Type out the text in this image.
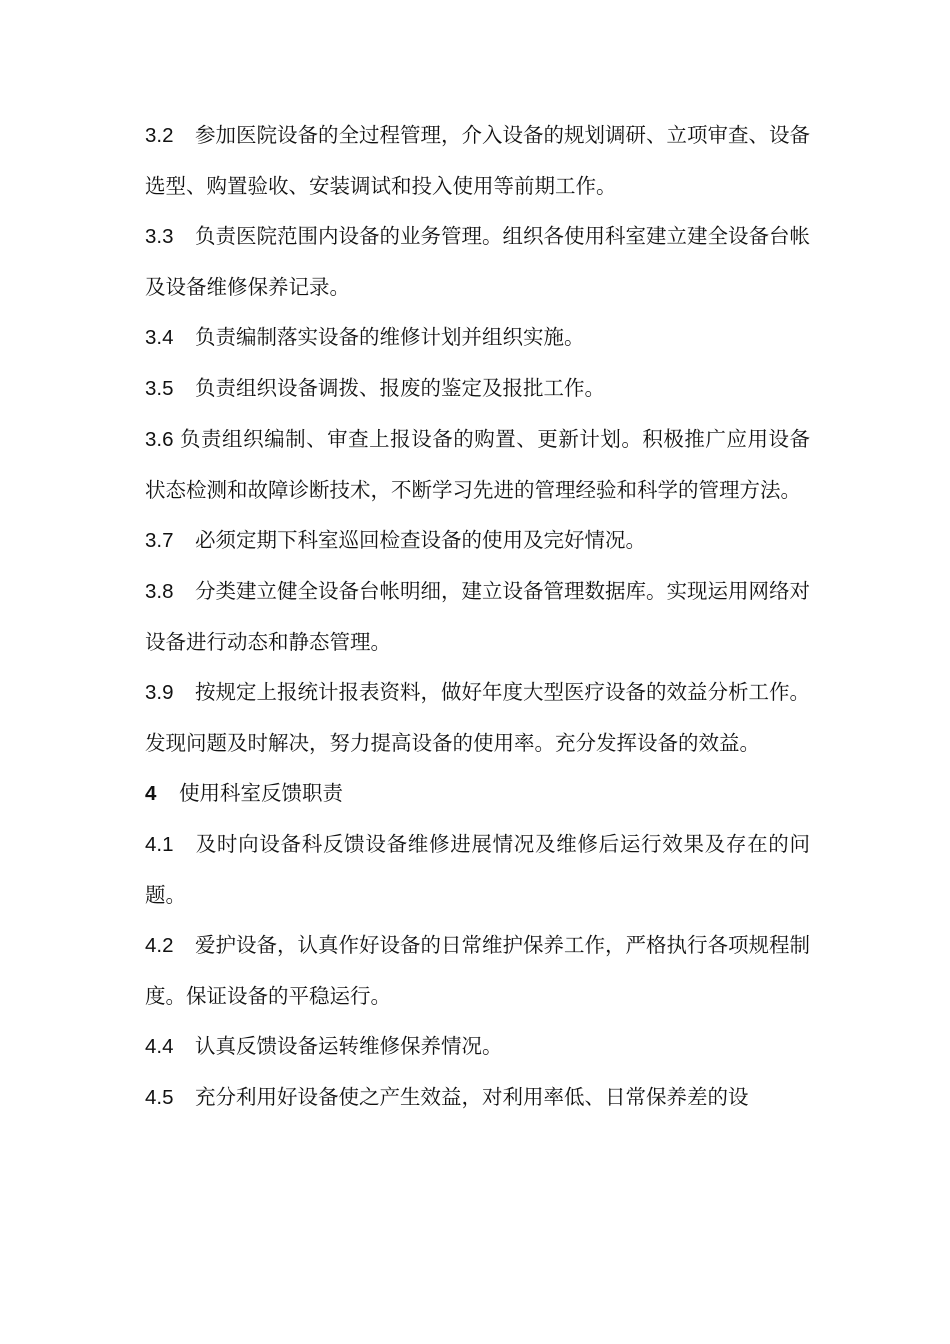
3.2 参加医院设备的全过程管理，介入设备的规划调研、立项审查、设备选型、购置验收、安装调试和投入使用等前期工作。

3.3 负责医院范围内设备的业务管理。组织各使用科室建立建全设备台帐及设备维修保养记录。

3.4 负责编制落实设备的维修计划并组织实施。

3.5 负责组织设备调拨、报废的鉴定及报批工作。

3.6 负责组织编制、审查上报设备的购置、更新计划。积极推广应用设备状态检测和故障诊断技术，不断学习先进的管理经验和科学的管理方法。

3.7 必须定期下科室巡回检查设备的使用及完好情况。

3.8 分类建立健全设备台帐明细，建立设备管理数据库。实现运用网络对设备进行动态和静态管理。

3.9 按规定上报统计报表资料，做好年度大型医疗设备的效益分析工作。发现问题及时解决，努力提高设备的使用率。充分发挥设备的效益。

4 使用科室反馈职责

4.1 及时向设备科反馈设备维修进展情况及维修后运行效果及存在的问题。

4.2 爱护设备，认真作好设备的日常维护保养工作，严格执行各项规程制度。保证设备的平稳运行。

4.4 认真反馈设备运转维修保养情况。

4.5 充分利用好设备使之产生效益，对利用率低、日常保养差的设
